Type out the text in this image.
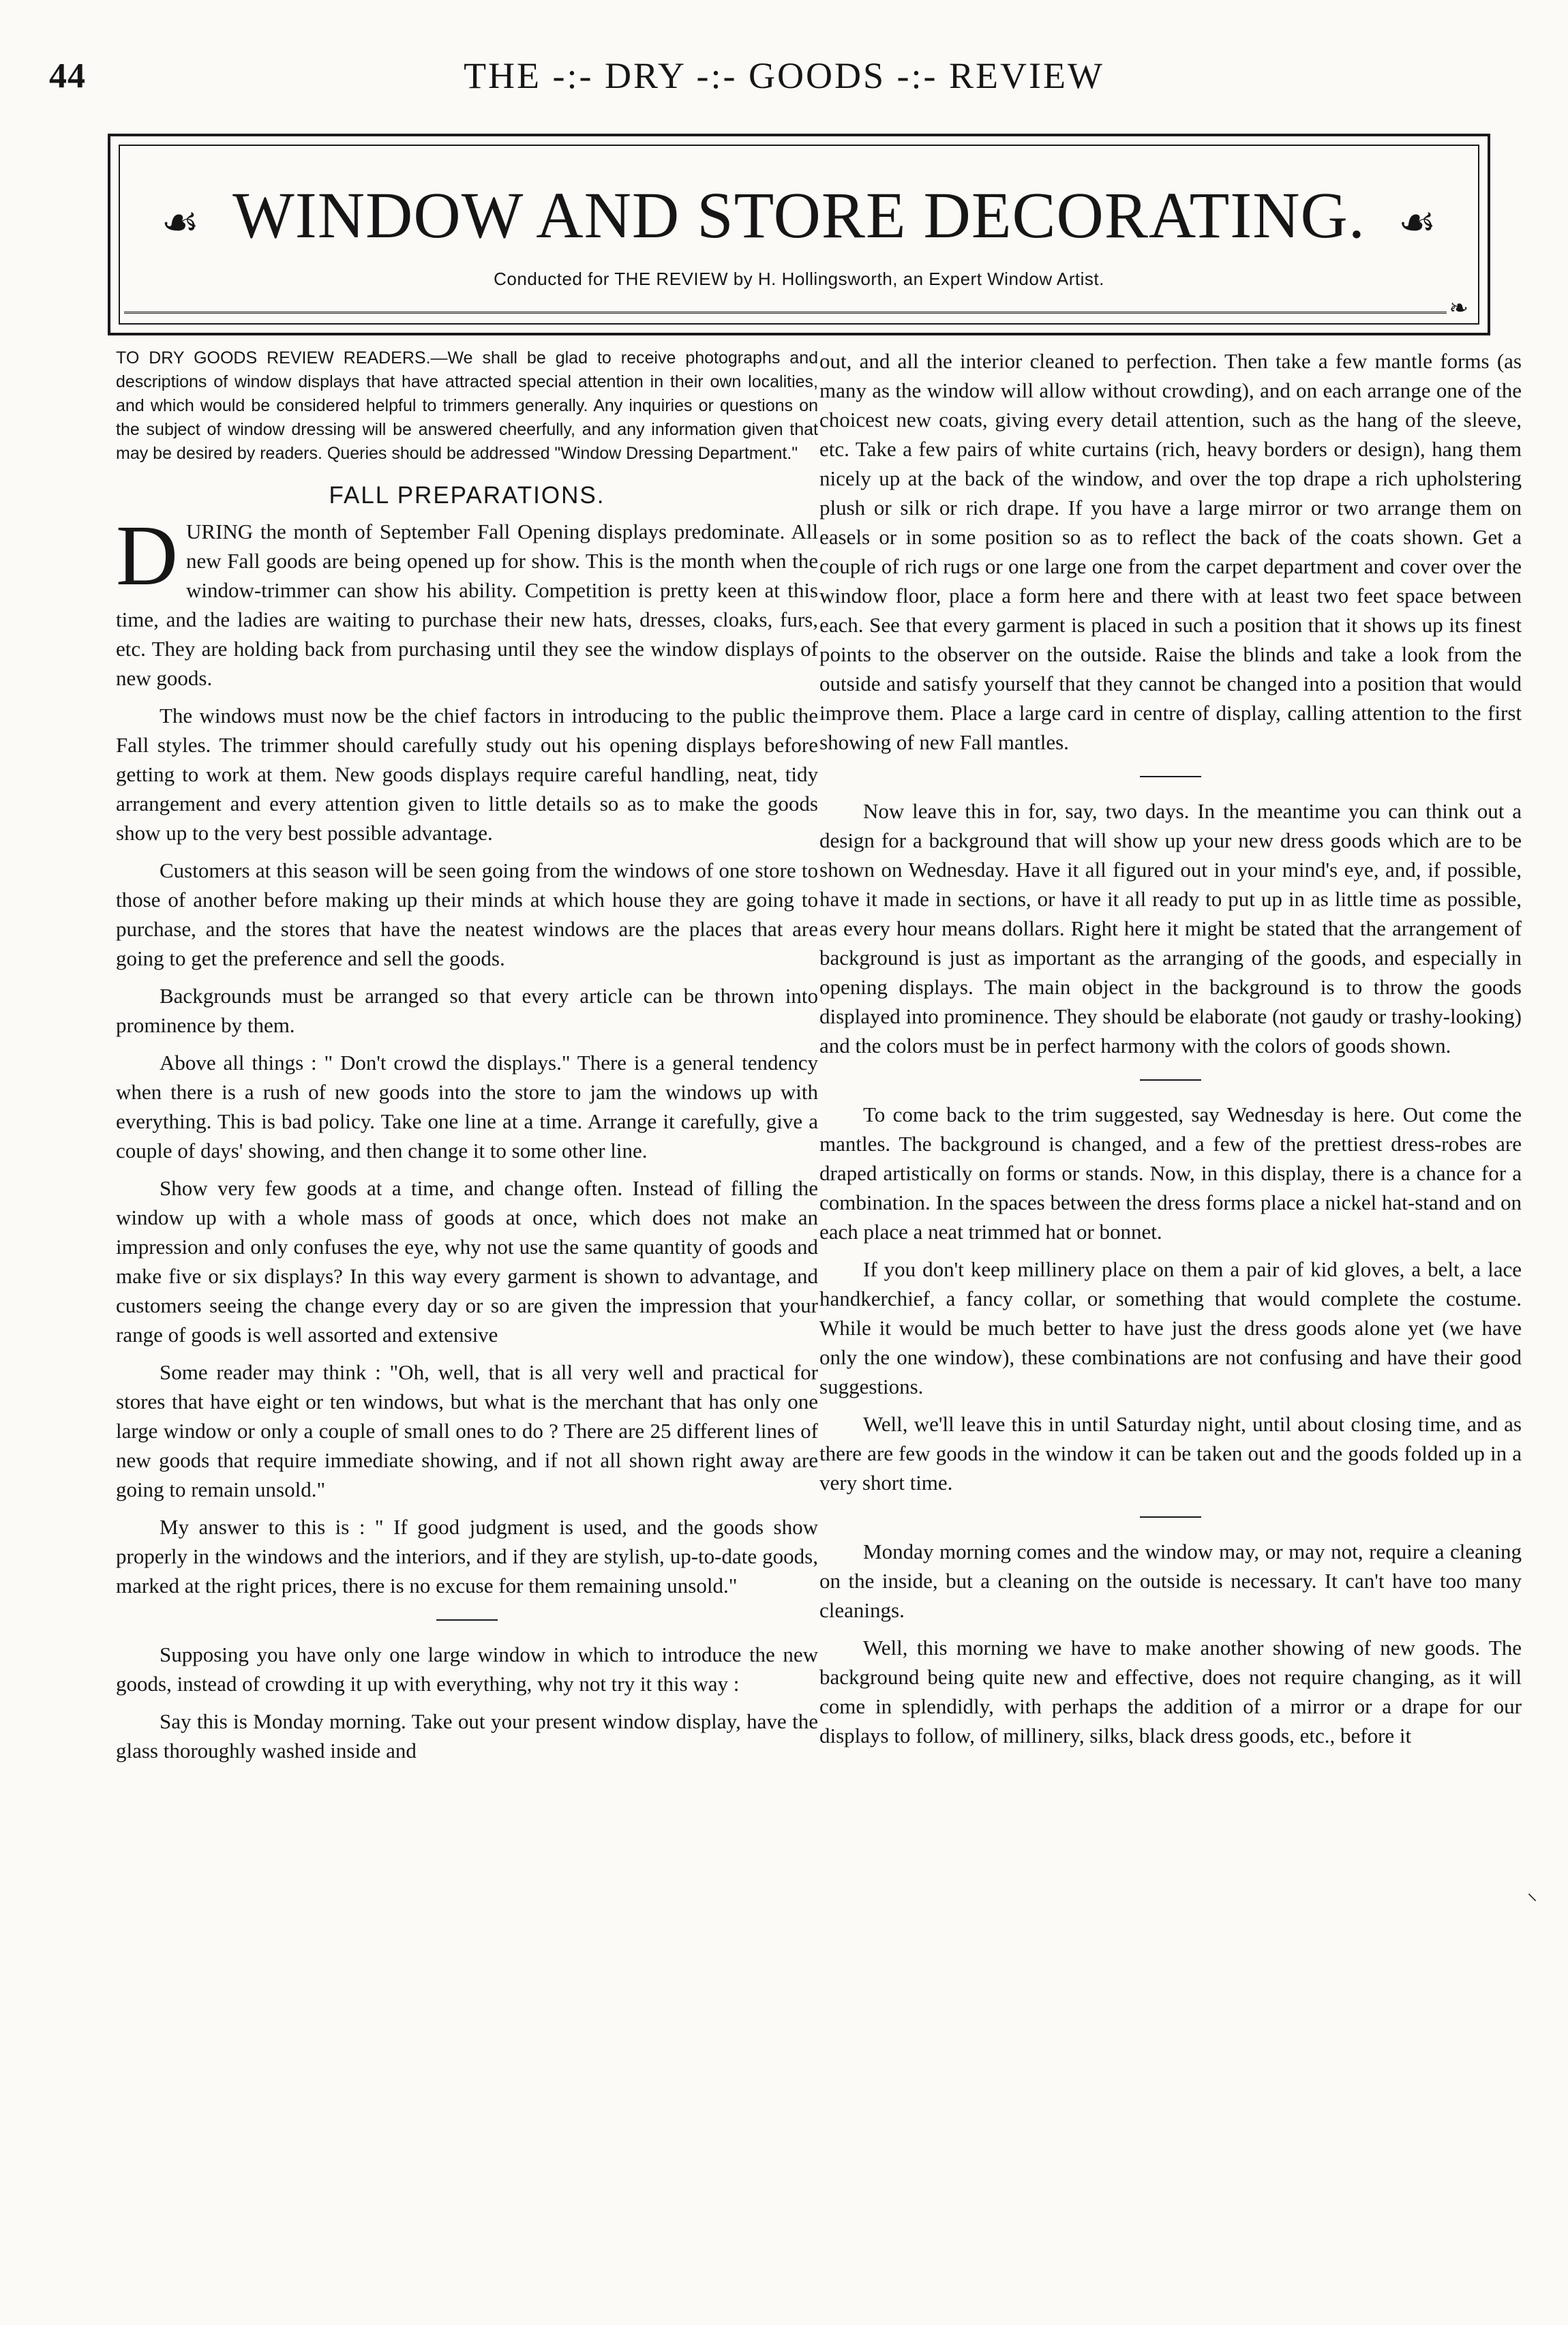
44	THE -:- DRY -:- GOODS -:- REVIEW
☙ WINDOW AND STORE DECORATING. ☙
Conducted for THE REVIEW by H. Hollingsworth, an Expert Window Artist.
❧

TO DRY GOODS REVIEW READERS.—We shall be glad to receive photographs and descriptions of window displays that have attracted special attention in their own localities, and which would be considered helpful to trimmers generally. Any inquiries or questions on the subject of window dressing will be answered cheerfully, and any information given that may be desired by readers. Queries should be addressed "Window Dressing Department."

FALL PREPARATIONS.

DURING the month of September Fall Opening displays predominate. All new Fall goods are being opened up for show. This is the month when the window-trimmer can show his ability. Competition is pretty keen at this time, and the ladies are waiting to purchase their new hats, dresses, cloaks, furs, etc. They are holding back from purchasing until they see the window displays of new goods.

The windows must now be the chief factors in introducing to the public the Fall styles. The trimmer should carefully study out his opening displays before getting to work at them. New goods displays require careful handling, neat, tidy arrangement and every attention given to little details so as to make the goods show up to the very best possible advantage.

Customers at this season will be seen going from the windows of one store to those of another before making up their minds at which house they are going to purchase, and the stores that have the neatest windows are the places that are going to get the preference and sell the goods.

Backgrounds must be arranged so that every article can be thrown into prominence by them.

Above all things : " Don't crowd the displays." There is a general tendency when there is a rush of new goods into the store to jam the windows up with everything. This is bad policy. Take one line at a time. Arrange it carefully, give a couple of days' showing, and then change it to some other line.

Show very few goods at a time, and change often. Instead of filling the window up with a whole mass of goods at once, which does not make an impression and only confuses the eye, why not use the same quantity of goods and make five or six displays? In this way every garment is shown to advantage, and customers seeing the change every day or so are given the impression that your range of goods is well assorted and extensive

Some reader may think : "Oh, well, that is all very well and practical for stores that have eight or ten windows, but what is the merchant that has only one large window or only a couple of small ones to do ? There are 25 different lines of new goods that require immediate showing, and if not all shown right away are going to remain unsold."

My answer to this is : " If good judgment is used, and the goods show properly in the windows and the interiors, and if they are stylish, up-to-date goods, marked at the right prices, there is no excuse for them remaining unsold."

Supposing you have only one large window in which to introduce the new goods, instead of crowding it up with everything, why not try it this way :

Say this is Monday morning. Take out your present window display, have the glass thoroughly washed inside and

out, and all the interior cleaned to perfection. Then take a few mantle forms (as many as the window will allow without crowding), and on each arrange one of the choicest new coats, giving every detail attention, such as the hang of the sleeve, etc. Take a few pairs of white curtains (rich, heavy borders or design), hang them nicely up at the back of the window, and over the top drape a rich upholstering plush or silk or rich drape. If you have a large mirror or two arrange them on easels or in some position so as to reflect the back of the coats shown. Get a couple of rich rugs or one large one from the carpet department and cover over the window floor, place a form here and there with at least two feet space between each. See that every garment is placed in such a position that it shows up its finest points to the observer on the outside. Raise the blinds and take a look from the outside and satisfy yourself that they cannot be changed into a position that would improve them. Place a large card in centre of display, calling attention to the first showing of new Fall mantles.

Now leave this in for, say, two days. In the meantime you can think out a design for a background that will show up your new dress goods which are to be shown on Wednesday. Have it all figured out in your mind's eye, and, if possible, have it made in sections, or have it all ready to put up in as little time as possible, as every hour means dollars. Right here it might be stated that the arrangement of background is just as important as the arranging of the goods, and especially in opening displays. The main object in the background is to throw the goods displayed into prominence. They should be elaborate (not gaudy or trashy-looking) and the colors must be in perfect harmony with the colors of goods shown.

To come back to the trim suggested, say Wednesday is here. Out come the mantles. The background is changed, and a few of the prettiest dress-robes are draped artistically on forms or stands. Now, in this display, there is a chance for a combination. In the spaces between the dress forms place a nickel hat-stand and on each place a neat trimmed hat or bonnet.

If you don't keep millinery place on them a pair of kid gloves, a belt, a lace handkerchief, a fancy collar, or something that would complete the costume. While it would be much better to have just the dress goods alone yet (we have only the one window), these combinations are not confusing and have their good suggestions.

Well, we'll leave this in until Saturday night, until about closing time, and as there are few goods in the window it can be taken out and the goods folded up in a very short time.

Monday morning comes and the window may, or may not, require a cleaning on the inside, but a cleaning on the outside is necessary. It can't have too many cleanings.

Well, this morning we have to make another showing of new goods. The background being quite new and effective, does not require changing, as it will come in splendidly, with perhaps the addition of a mirror or a drape for our displays to follow, of millinery, silks, black dress goods, etc., before it

⸜
